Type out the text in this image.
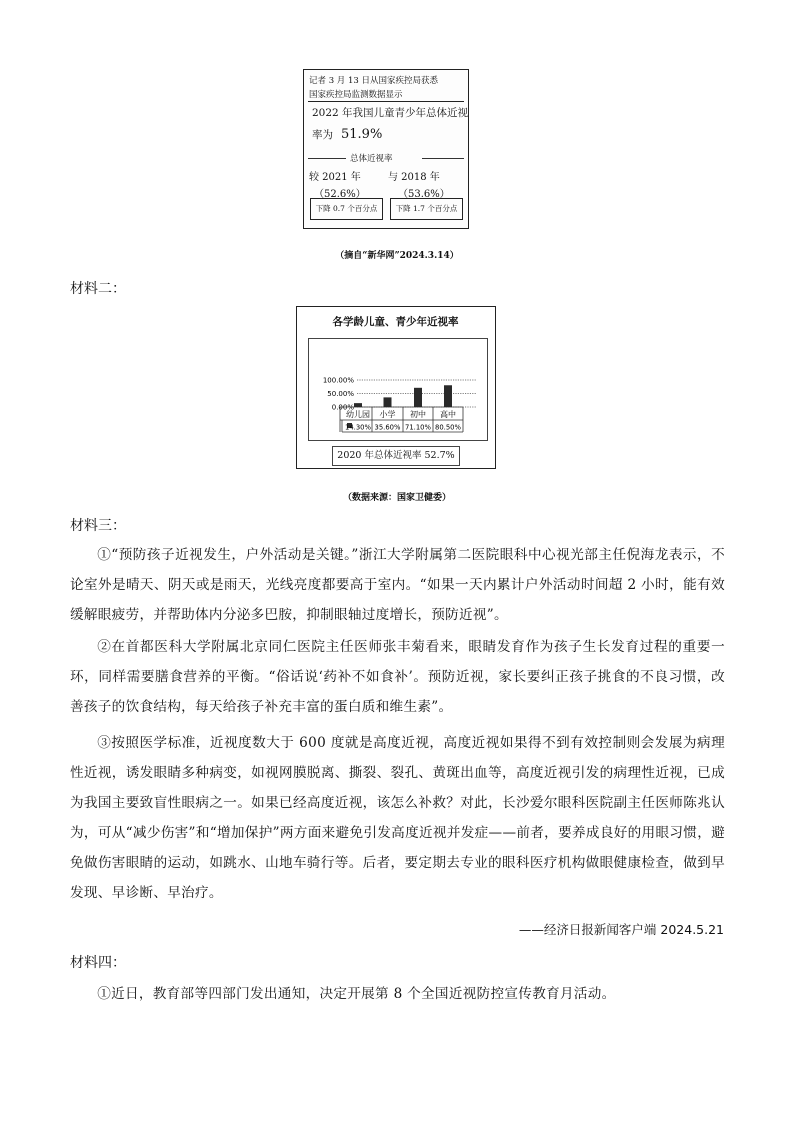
记者 3 月 13 日从国家疾控局获悉
国家疾控局监测数据显示
2022 年我国儿童青少年总体近视
率为 51.9%
总体近视率
较 2021 年
（52.6%）
与 2018 年
（53.6%）
下降 0.7 个百分点	下降 1.7 个百分点
（摘自“新华网”2024.3.14）
材料二：
各学龄儿童、青少年近视率
100.00%
50.00%
0.00%
幼儿园
14.30%
小学
35.60%
初中
71.10%
高中
80.50%
2020 年总体近视率 52.7%
（数据来源：国家卫健委）
材料三：
①“预防孩子近视发生，户外活动是关键。”浙江大学附属第二医院眼科中心视光部主任倪海龙表示，不论室外是晴天、阴天或是雨天，光线亮度都要高于室内。“如果一天内累计户外活动时间超 2 小时，能有效缓解眼疲劳，并帮助体内分泌多巴胺，抑制眼轴过度增长，预防近视”。
②在首都医科大学附属北京同仁医院主任医师张丰菊看来，眼睛发育作为孩子生长发育过程的重要一环，同样需要膳食营养的平衡。“俗话说‘药补不如食补’。预防近视，家长要纠正孩子挑食的不良习惯，改善孩子的饮食结构，每天给孩子补充丰富的蛋白质和维生素”。
③按照医学标准，近视度数大于 600 度就是高度近视，高度近视如果得不到有效控制则会发展为病理性近视，诱发眼睛多种病变，如视网膜脱离、撕裂、裂孔、黄斑出血等，高度近视引发的病理性近视，已成为我国主要致盲性眼病之一。如果已经高度近视，该怎么补救？对此，长沙爱尔眼科医院副主任医师陈兆认为，可从“减少伤害”和“增加保护”两方面来避免引发高度近视并发症——前者，要养成良好的用眼习惯，避免做伤害眼睛的运动，如跳水、山地车骑行等。后者，要定期去专业的眼科医疗机构做眼健康检查，做到早发现、早诊断、早治疗。
——经济日报新闻客户端 2024.5.21
材料四：
①近日，教育部等四部门发出通知，决定开展第 8 个全国近视防控宣传教育月活动。
